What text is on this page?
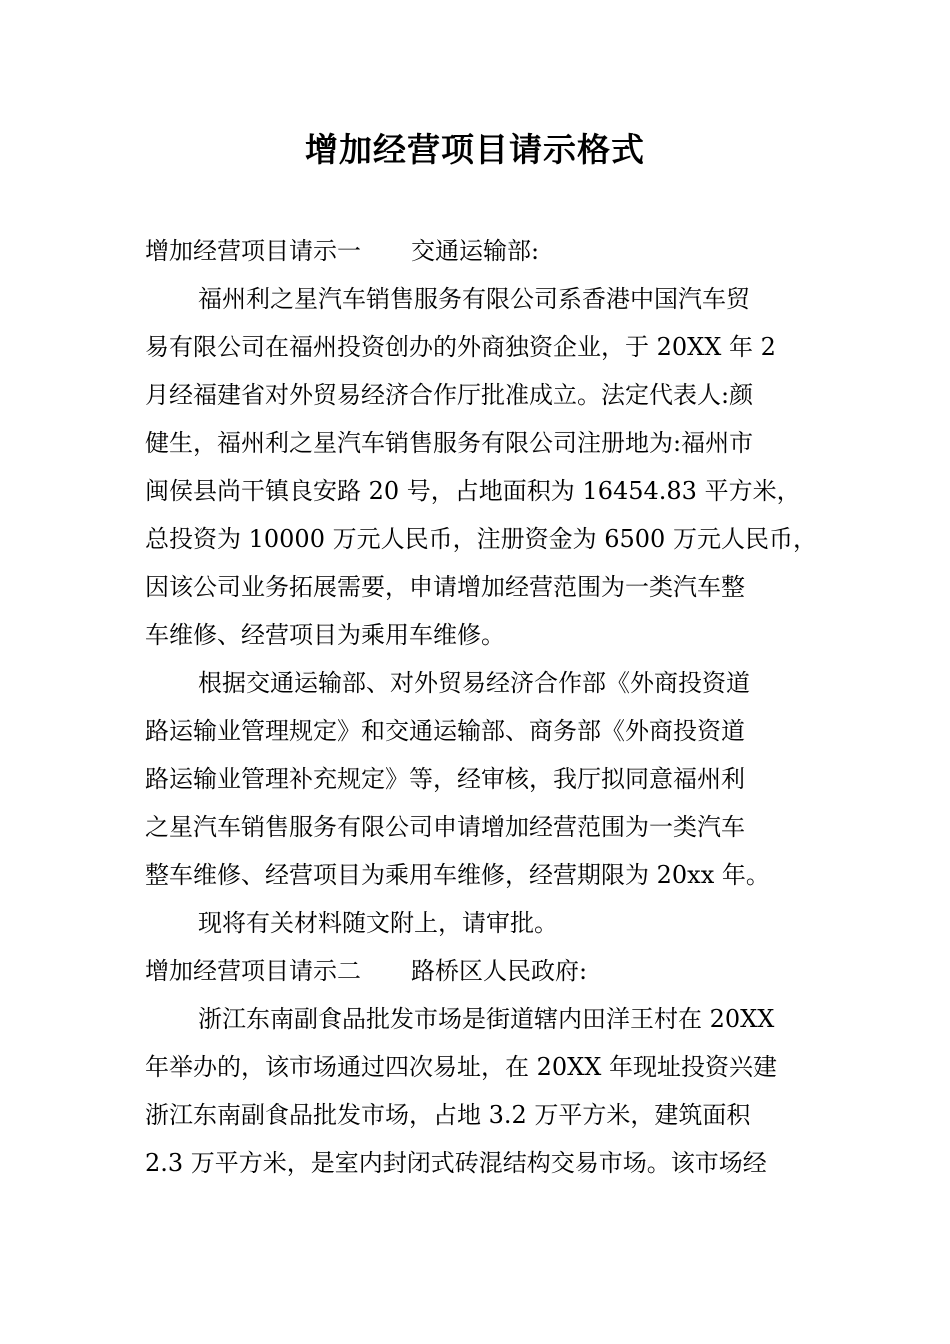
增加经营项目请示格式
增加经营项目请示一 交通运输部:
福州利之星汽车销售服务有限公司系香港中国汽车贸
易有限公司在福州投资创办的外商独资企业，于 20XX 年 2
月经福建省对外贸易经济合作厅批准成立。法定代表人:颜
健生，福州利之星汽车销售服务有限公司注册地为:福州市
闽侯县尚干镇良安路 20 号，占地面积为 16454.83 平方米，
总投资为 10000 万元人民币，注册资金为 6500 万元人民币，
因该公司业务拓展需要，申请增加经营范围为一类汽车整
车维修、经营项目为乘用车维修。
根据交通运输部、对外贸易经济合作部《外商投资道
路运输业管理规定》和交通运输部、商务部《外商投资道
路运输业管理补充规定》等，经审核，我厅拟同意福州利
之星汽车销售服务有限公司申请增加经营范围为一类汽车
整车维修、经营项目为乘用车维修，经营期限为 20xx 年。
现将有关材料随文附上，请审批。
增加经营项目请示二 路桥区人民政府:
浙江东南副食品批发市场是街道辖内田洋王村在 20XX
年举办的，该市场通过四次易址，在 20XX 年现址投资兴建
浙江东南副食品批发市场，占地 3.2 万平方米，建筑面积
2.3 万平方米，是室内封闭式砖混结构交易市场。该市场经
